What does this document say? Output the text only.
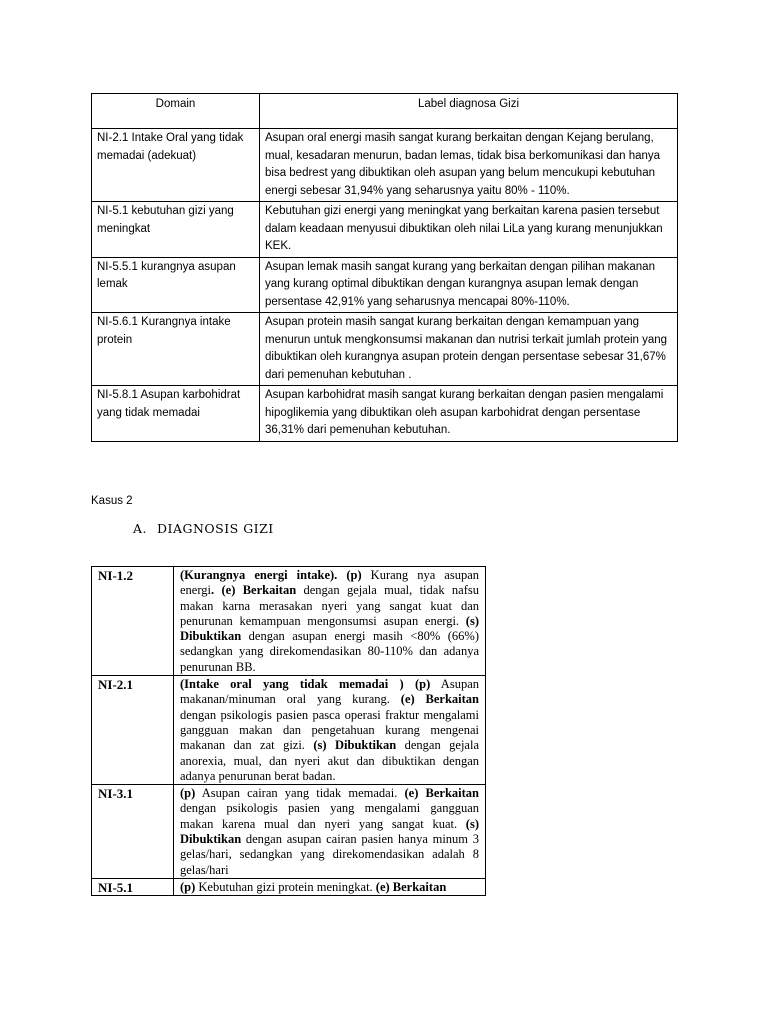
Domain	Label diagnosa Gizi
NI-2.1 Intake Oral yang tidak memadai (adekuat)	Asupan oral energi masih sangat kurang berkaitan dengan Kejang berulang, mual, kesadaran menurun, badan lemas, tidak bisa berkomunikasi dan hanya bisa bedrest yang dibuktikan oleh asupan yang belum mencukupi kebutuhan energi sebesar 31,94% yang seharusnya yaitu 80% - 110%.
NI-5.1 kebutuhan gizi yang meningkat	Kebutuhan gizi energi yang meningkat yang berkaitan karena pasien tersebut dalam keadaan menyusui dibuktikan oleh nilai LiLa yang kurang menunjukkan KEK.
NI-5.5.1 kurangnya asupan lemak	Asupan lemak masih sangat kurang yang berkaitan dengan pilihan makanan yang kurang optimal dibuktikan dengan kurangnya asupan lemak dengan persentase 42,91% yang seharusnya mencapai 80%-110%.
NI-5.6.1 Kurangnya intake protein	Asupan protein masih sangat kurang berkaitan dengan kemampuan yang menurun untuk mengkonsumsi makanan dan nutrisi terkait jumlah protein yang dibuktikan oleh kurangnya asupan protein dengan persentase sebesar 31,67% dari pemenuhan kebutuhan .
NI-5.8.1 Asupan karbohidrat yang tidak memadai	Asupan karbohidrat masih sangat kurang berkaitan dengan pasien mengalami hipoglikemia yang dibuktikan oleh asupan karbohidrat dengan persentase 36,31% dari pemenuhan kebutuhan.
Kasus 2
A. DIAGNOSIS GIZI
NI-1.2	(Kurangnya energi intake). (p) Kurang nya asupan energi. (e) Berkaitan dengan gejala mual, tidak nafsu makan karna merasakan nyeri yang sangat kuat dan penurunan kemampuan mengonsumsi asupan energi. (s) Dibuktikan dengan asupan energi masih <80% (66%) sedangkan yang direkomendasikan 80-110% dan adanya penurunan BB.
NI-2.1	(Intake oral yang tidak memadai ) (p) Asupan makanan/minuman oral yang kurang. (e) Berkaitan dengan psikologis pasien pasca operasi fraktur mengalami gangguan makan dan pengetahuan kurang mengenai makanan dan zat gizi. (s) Dibuktikan dengan gejala anorexia, mual, dan nyeri akut dan dibuktikan dengan adanya penurunan berat badan.
NI-3.1	(p) Asupan cairan yang tidak memadai. (e) Berkaitan dengan psikologis pasien yang mengalami gangguan makan karena mual dan nyeri yang sangat kuat. (s) Dibuktikan dengan asupan cairan pasien hanya minum 3 gelas/hari, sedangkan yang direkomendasikan adalah 8 gelas/hari
NI-5.1	(p) Kebutuhan gizi protein meningkat. (e) Berkaitan
